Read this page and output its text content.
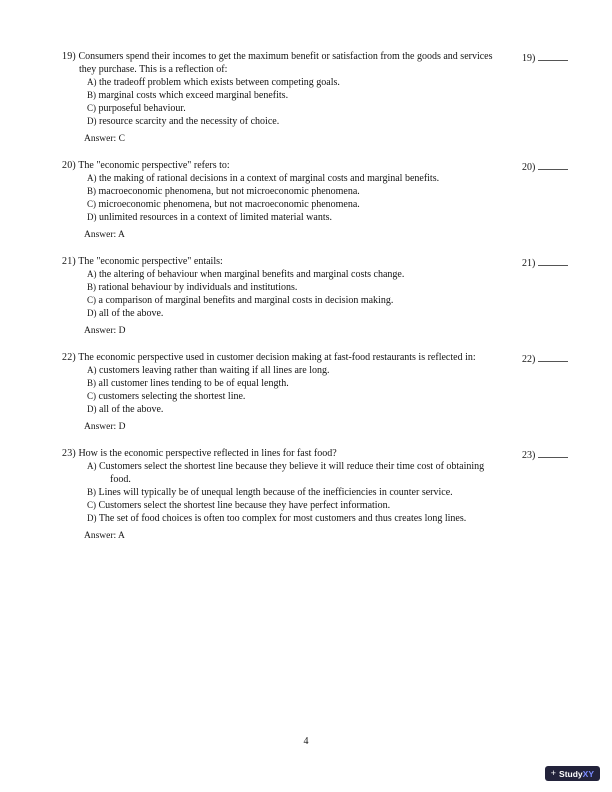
19) Consumers spend their incomes to get the maximum benefit or satisfaction from the goods and services they purchase. This is a reflection of:
A) the tradeoff problem which exists between competing goals.
B) marginal costs which exceed marginal benefits.
C) purposeful behaviour.
D) resource scarcity and the necessity of choice.
Answer: C
19)
20) The "economic perspective" refers to:
A) the making of rational decisions in a context of marginal costs and marginal benefits.
B) macroeconomic phenomena, but not microeconomic phenomena.
C) microeconomic phenomena, but not macroeconomic phenomena.
D) unlimited resources in a context of limited material wants.
Answer: A
20)
21) The "economic perspective" entails:
A) the altering of behaviour when marginal benefits and marginal costs change.
B) rational behaviour by individuals and institutions.
C) a comparison of marginal benefits and marginal costs in decision making.
D) all of the above.
Answer: D
21)
22) The economic perspective used in customer decision making at fast-food restaurants is reflected in:
A) customers leaving rather than waiting if all lines are long.
B) all customer lines tending to be of equal length.
C) customers selecting the shortest line.
D) all of the above.
Answer: D
22)
23) How is the economic perspective reflected in lines for fast food?
A) Customers select the shortest line because they believe it will reduce their time cost of obtaining food.
B) Lines will typically be of unequal length because of the inefficiencies in counter service.
C) Customers select the shortest line because they have perfect information.
D) The set of food choices is often too complex for most customers and thus creates long lines.
Answer: A
23)
4
+ StudyXY
